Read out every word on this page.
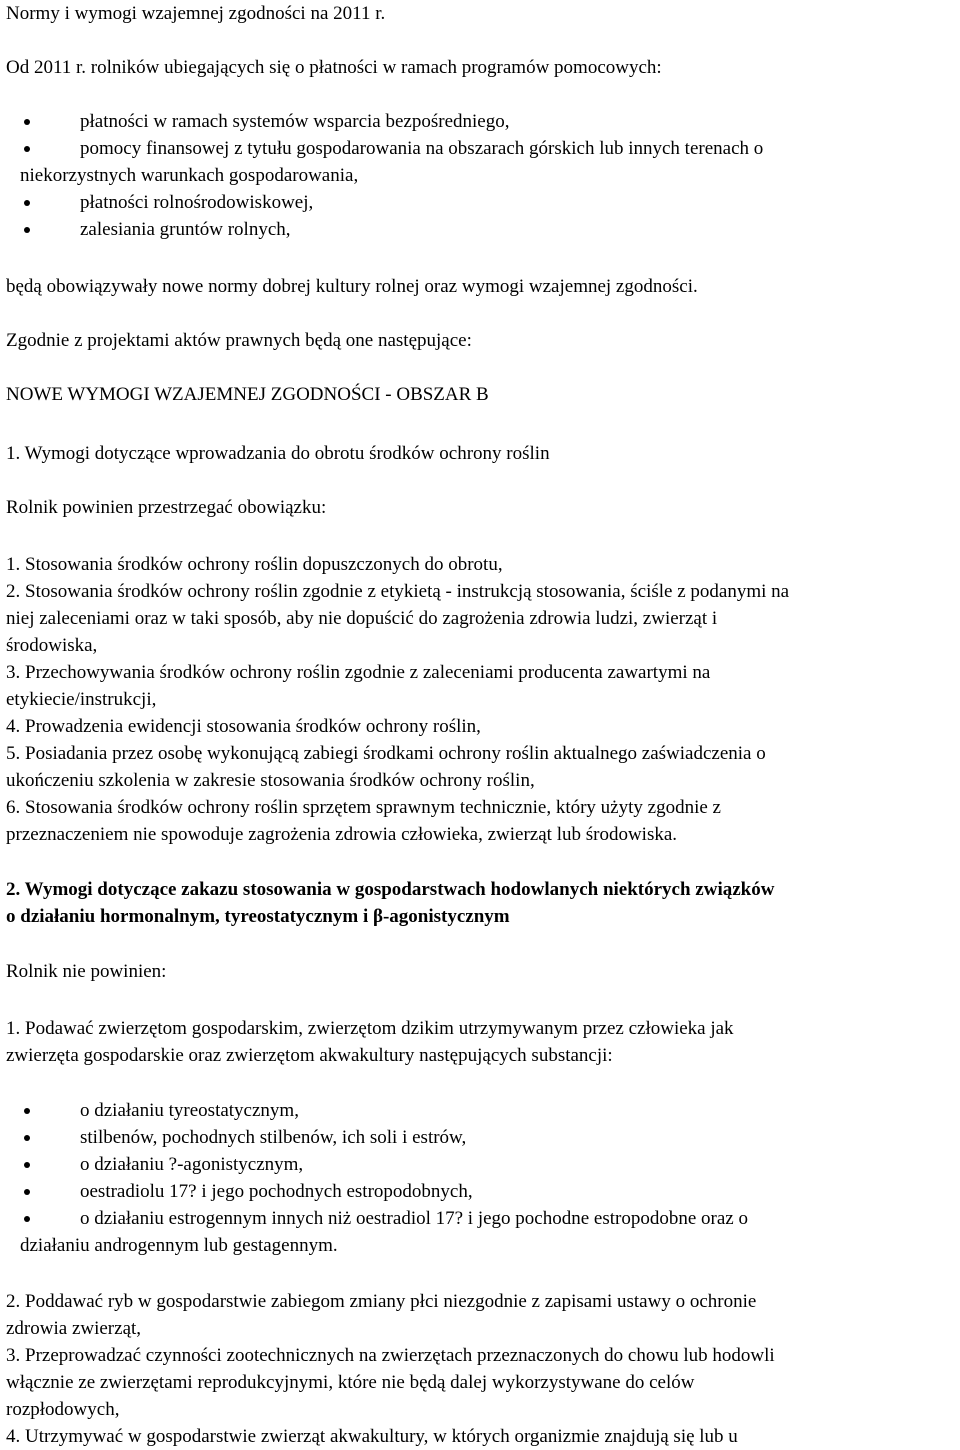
Normy i wymogi wzajemnej zgodności na 2011 r.
Od 2011 r. rolników ubiegających się o płatności w ramach programów pomocowych:
płatności w ramach systemów wsparcia bezpośredniego,
pomocy finansowej z tytułu gospodarowania na obszarach górskich lub innych terenach o
niekorzystnych warunkach gospodarowania,
płatności rolnośrodowiskowej,
zalesiania gruntów rolnych,
będą obowiązywały nowe normy dobrej kultury rolnej oraz wymogi wzajemnej zgodności.
Zgodnie z projektami aktów prawnych będą one następujące:
NOWE WYMOGI WZAJEMNEJ ZGODNOŚCI - OBSZAR B
1. Wymogi dotyczące wprowadzania do obrotu środków ochrony roślin
Rolnik powinien przestrzegać obowiązku:
1. Stosowania środków ochrony roślin dopuszczonych do obrotu,
2. Stosowania środków ochrony roślin zgodnie z etykietą - instrukcją stosowania, ściśle z podanymi na
niej zaleceniami oraz w taki sposób, aby nie dopuścić do zagrożenia zdrowia ludzi, zwierząt i
środowiska,
3. Przechowywania środków ochrony roślin zgodnie z zaleceniami producenta zawartymi na
etykiecie/instrukcji,
4. Prowadzenia ewidencji stosowania środków ochrony roślin,
5. Posiadania przez osobę wykonującą zabiegi środkami ochrony roślin aktualnego zaświadczenia o
ukończeniu szkolenia w zakresie stosowania środków ochrony roślin,
6. Stosowania środków ochrony roślin sprzętem sprawnym technicznie, który użyty zgodnie z
przeznaczeniem nie spowoduje zagrożenia zdrowia człowieka, zwierząt lub środowiska.
2. Wymogi dotyczące zakazu stosowania w gospodarstwach hodowlanych niektórych związków
o działaniu hormonalnym, tyreostatycznym i β-agonistycznym
Rolnik nie powinien:
1. Podawać zwierzętom gospodarskim, zwierzętom dzikim utrzymywanym przez człowieka jak
zwierzęta gospodarskie oraz zwierzętom akwakultury następujących substancji:
o działaniu tyreostatycznym,
stilbenów, pochodnych stilbenów, ich soli i estrów,
o działaniu ?-agonistycznym,
oestradiolu 17? i jego pochodnych estropodobnych,
o działaniu estrogennym innych niż oestradiol 17? i jego pochodne estropodobne oraz o
działaniu androgennym lub gestagennym.
2. Poddawać ryb w gospodarstwie zabiegom zmiany płci niezgodnie z zapisami ustawy o ochronie
zdrowia zwierząt,
3. Przeprowadzać czynności zootechnicznych na zwierzętach przeznaczonych do chowu lub hodowli
włącznie ze zwierzętami reprodukcyjnymi, które nie będą dalej wykorzystywane do celów
rozpłodowych,
4. Utrzymywać w gospodarstwie zwierząt akwakultury, w których organizmie znajdują się lub u
